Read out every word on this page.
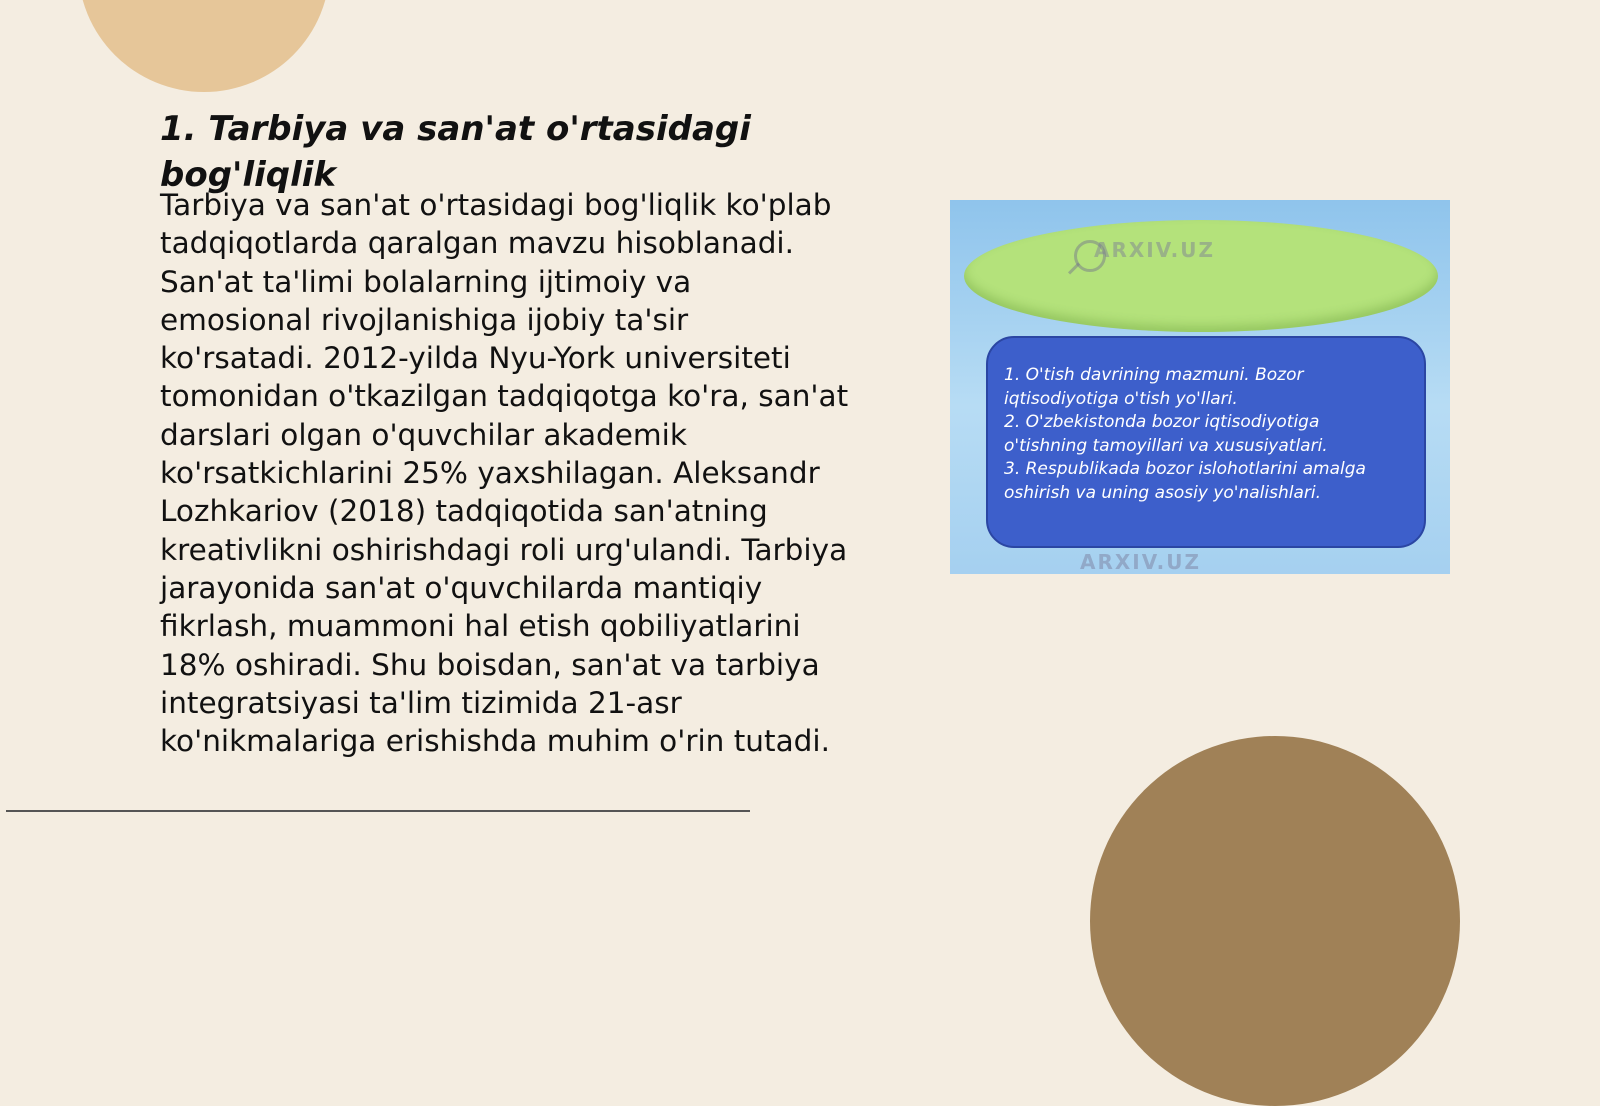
1. Tarbiya va san'at o'rtasidagi bog'liqlik

Tarbiya va san'at o'rtasidagi bog'liqlik ko'plab tadqiqotlarda qaralgan mavzu hisoblanadi. San'at ta'limi bolalarning ijtimoiy va emosional rivojlanishiga ijobiy ta'sir ko'rsatadi. 2012-yilda Nyu-York universiteti tomonidan o'tkazilgan tadqiqotga ko'ra, san'at darslari olgan o'quvchilar akademik ko'rsatkichlarini 25% yaxshilagan. Aleksandr Lozhkariov (2018) tadqiqotida san'atning kreativlikni oshirishdagi roli urg'ulandi. Tarbiya jarayonida san'at o'quvchilarda mantiqiy fikrlash, muammoni hal etish qobiliyatlarini 18% oshiradi. Shu boisdan, san'at va tarbiya integratsiyasi ta'lim tizimida 21-asr ko'nikmalariga erishishda muhim o'rin tutadi.

ARXIV.UZ

1. O'tish davrining mazmuni. Bozor iqtisodiyotiga o'tish yo'llari.

2. O'zbekistonda bozor iqtisodiyotiga o'tishning tamoyillari va xususiyatlari.

3. Respublikada bozor islohotlarini amalga oshirish va uning asosiy yo'nalishlari.

ARXIV.UZ
